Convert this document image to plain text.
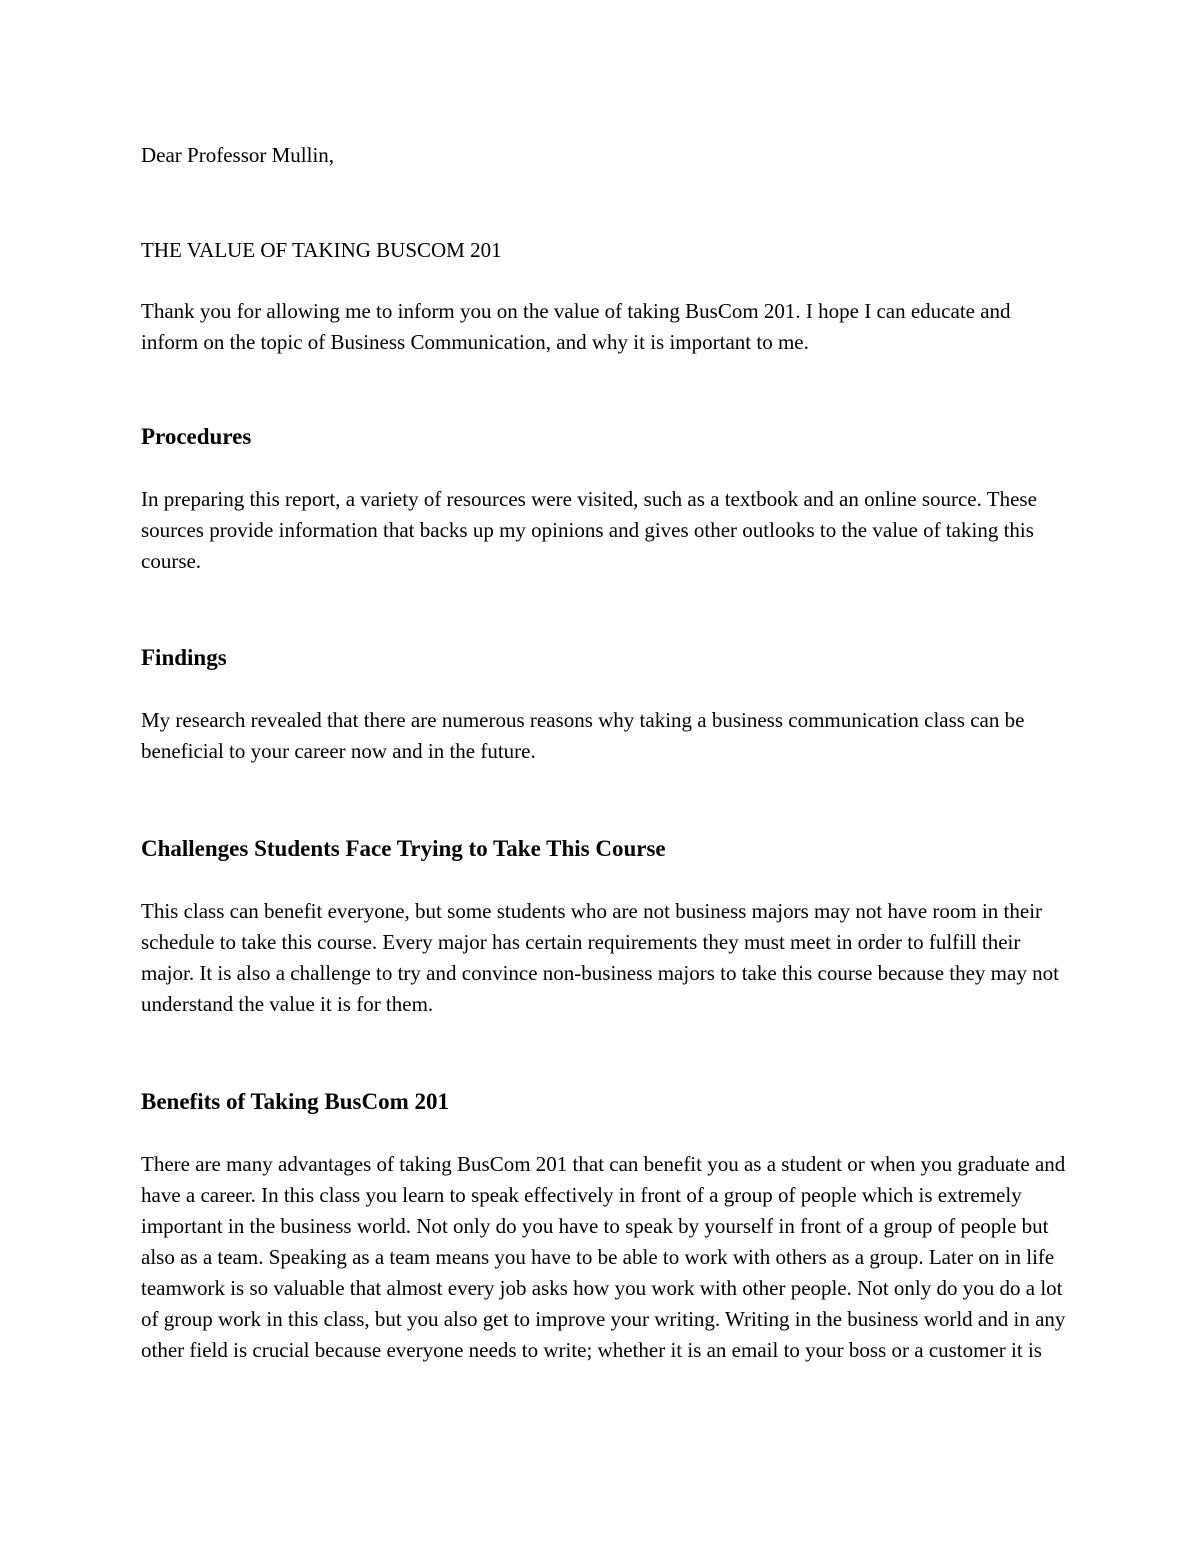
Dear Professor Mullin,

THE VALUE OF TAKING BUSCOM 201

Thank you for allowing me to inform you on the value of taking BusCom 201. I hope I can educate and inform on the topic of Business Communication, and why it is important to me.

Procedures

In preparing this report, a variety of resources were visited, such as a textbook and an online source. These sources provide information that backs up my opinions and gives other outlooks to the value of taking this course.

Findings

My research revealed that there are numerous reasons why taking a business communication class can be beneficial to your career now and in the future.

Challenges Students Face Trying to Take This Course

This class can benefit everyone, but some students who are not business majors may not have room in their schedule to take this course. Every major has certain requirements they must meet in order to fulfill their major. It is also a challenge to try and convince non-business majors to take this course because they may not understand the value it is for them.

Benefits of Taking BusCom 201

There are many advantages of taking BusCom 201 that can benefit you as a student or when you graduate and have a career. In this class you learn to speak effectively in front of a group of people which is extremely important in the business world. Not only do you have to speak by yourself in front of a group of people but also as a team. Speaking as a team means you have to be able to work with others as a group. Later on in life teamwork is so valuable that almost every job asks how you work with other people. Not only do you do a lot of group work in this class, but you also get to improve your writing. Writing in the business world and in any other field is crucial because everyone needs to write; whether it is an email to your boss or a customer it is
